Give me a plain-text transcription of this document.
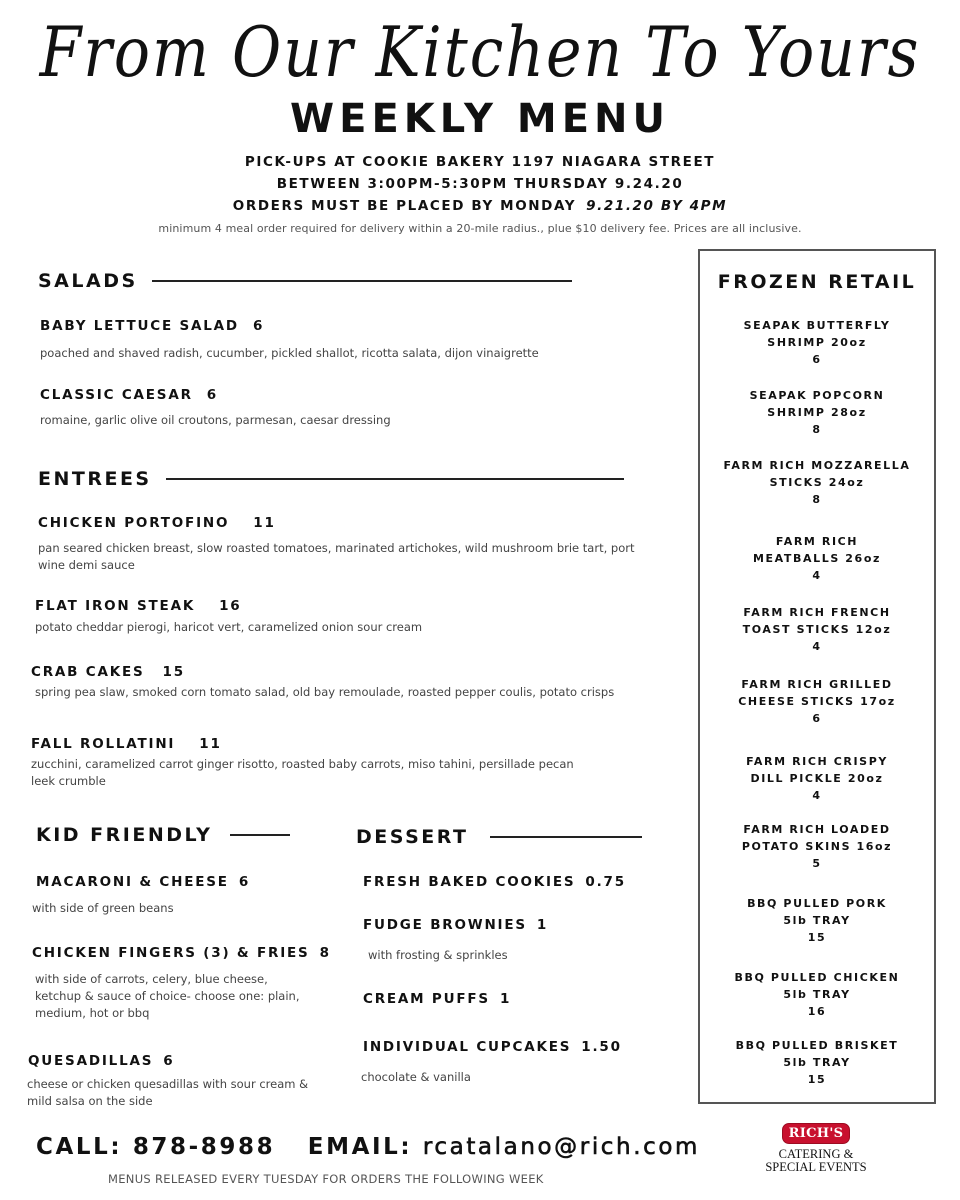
From Our Kitchen To Yours
WEEKLY MENU
PICK-UPS AT COOKIE BAKERY 1197 NIAGARA STREET
BETWEEN 3:00PM-5:30PM THURSDAY 9.24.20
ORDERS MUST BE PLACED BY MONDAY 9.21.20 BY 4PM
minimum 4 meal order required for delivery within a 20-mile radius., plue $10 delivery fee. Prices are all inclusive.
SALADS
BABY LETTUCE SALAD 6
poached and shaved radish, cucumber, pickled shallot, ricotta salata, dijon vinaigrette
CLASSIC CAESAR 6
romaine, garlic olive oil croutons, parmesan, caesar dressing
ENTREES
CHICKEN PORTOFINO 11
pan seared chicken breast, slow roasted tomatoes, marinated artichokes, wild mushroom brie tart, port wine demi sauce
FLAT IRON STEAK 16
potato cheddar pierogi, haricot vert, caramelized onion sour cream
CRAB CAKES 15
spring pea slaw, smoked corn tomato salad, old bay remoulade, roasted pepper coulis, potato crisps
FALL ROLLATINI 11
zucchini, caramelized carrot ginger risotto, roasted baby carrots, miso tahini, persillade pecan leek crumble
KID FRIENDLY
MACARONI & CHEESE 6
with side of green beans
CHICKEN FINGERS (3) & FRIES 8
with side of carrots, celery, blue cheese, ketchup & sauce of choice- choose one: plain, medium, hot or bbq
QUESADILLAS 6
cheese or chicken quesadillas with sour cream & mild salsa on the side
DESSERT
FRESH BAKED COOKIES 0.75
FUDGE BROWNIES 1
with frosting & sprinkles
CREAM PUFFS 1
INDIVIDUAL CUPCAKES 1.50
chocolate & vanilla
FROZEN RETAIL
SEAPAK BUTTERFLY
SHRIMP 20oz
6
SEAPAK POPCORN
SHRIMP 28oz
8
FARM RICH MOZZARELLA
STICKS 24oz
8
FARM RICH
MEATBALLS 26oz
4
FARM RICH FRENCH
TOAST STICKS 12oz
4
FARM RICH GRILLED
CHEESE STICKS 17oz
6
FARM RICH CRISPY
DILL PICKLE 20oz
4
FARM RICH LOADED
POTATO SKINS 16oz
5
BBQ PULLED PORK
5lb TRAY
15
BBQ PULLED CHICKEN
5lb TRAY
16
BBQ PULLED BRISKET
5lb TRAY
15
CALL: 878-8988 EMAIL: rcatalano@rich.com
MENUS RELEASED EVERY TUESDAY FOR ORDERS THE FOLLOWING WEEK
RICH'S
CATERING &
SPECIAL EVENTS
